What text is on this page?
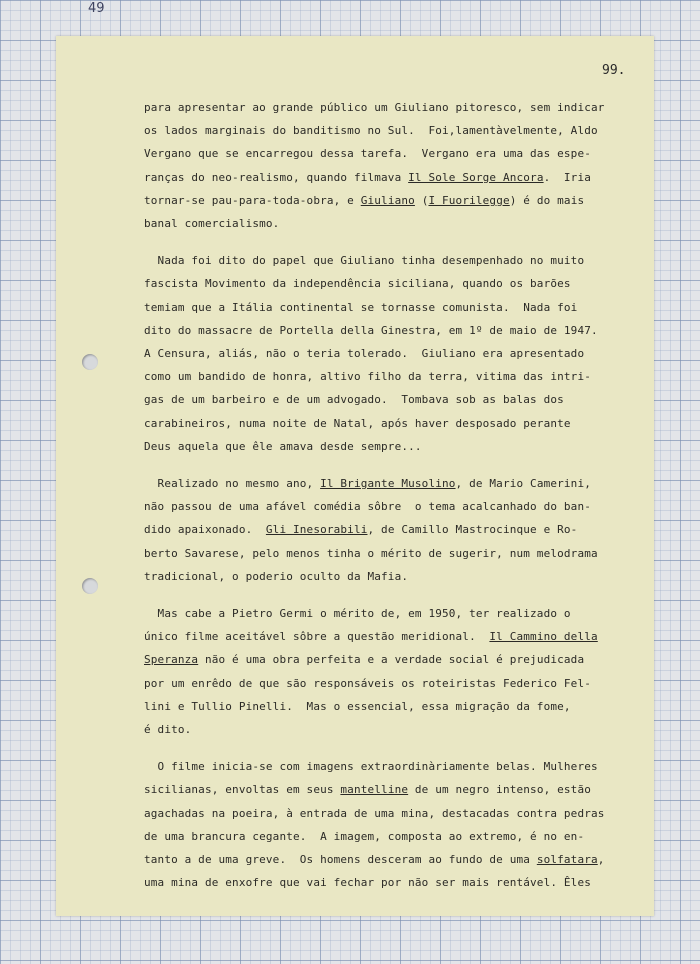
49
99.
para apresentar ao grande público um Giuliano pitoresco, sem indicar
os lados marginais do banditismo no Sul.  Foi,lamentàvelmente, Aldo
Vergano que se encarregou dessa tarefa.  Vergano era uma das espe-
ranças do neo-realismo, quando filmava Il Sole Sorge Ancora.  Iria
tornar-se pau-para-toda-obra, e Giuliano (I Fuorilegge) é do mais
banal comercialismo.
Nada foi dito do papel que Giuliano tinha desempenhado no muito
fascista Movimento da independência siciliana, quando os barões
temiam que a Itália continental se tornasse comunista.  Nada foi
dito do massacre de Portella della Ginestra, em 1º de maio de 1947.
A Censura, aliás, não o teria tolerado.  Giuliano era apresentado
como um bandido de honra, altivo filho da terra, vitima das intri-
gas de um barbeiro e de um advogado.  Tombava sob as balas dos
carabineiros, numa noite de Natal, após haver desposado perante
Deus aquela que êle amava desde sempre...
Realizado no mesmo ano, Il Brigante Musolino, de Mario Camerini,
não passou de uma afável comédia sôbre  o tema acalcanhado do ban-
dido apaixonado.  Gli Inesorabili, de Camillo Mastrocinque e Ro-
berto Savarese, pelo menos tinha o mérito de sugerir, num melodrama
tradicional, o poderio oculto da Mafia.
Mas cabe a Pietro Germi o mérito de, em 1950, ter realizado o
único filme aceitável sôbre a questão meridional.  Il Cammino della
Speranza não é uma obra perfeita e a verdade social é prejudicada
por um enrêdo de que são responsáveis os roteiristas Federico Fel-
lini e Tullio Pinelli.  Mas o essencial, essa migração da fome,
é dito.
O filme inicia-se com imagens extraordinàriamente belas. Mulheres
sicilianas, envoltas em seus mantelline de um negro intenso, estão
agachadas na poeira, à entrada de uma mina, destacadas contra pedras
de uma brancura cegante.  A imagem, composta ao extremo, é no en-
tanto a de uma greve.  Os homens desceram ao fundo de uma solfatara,
uma mina de enxofre que vai fechar por não ser mais rentável. Êles
